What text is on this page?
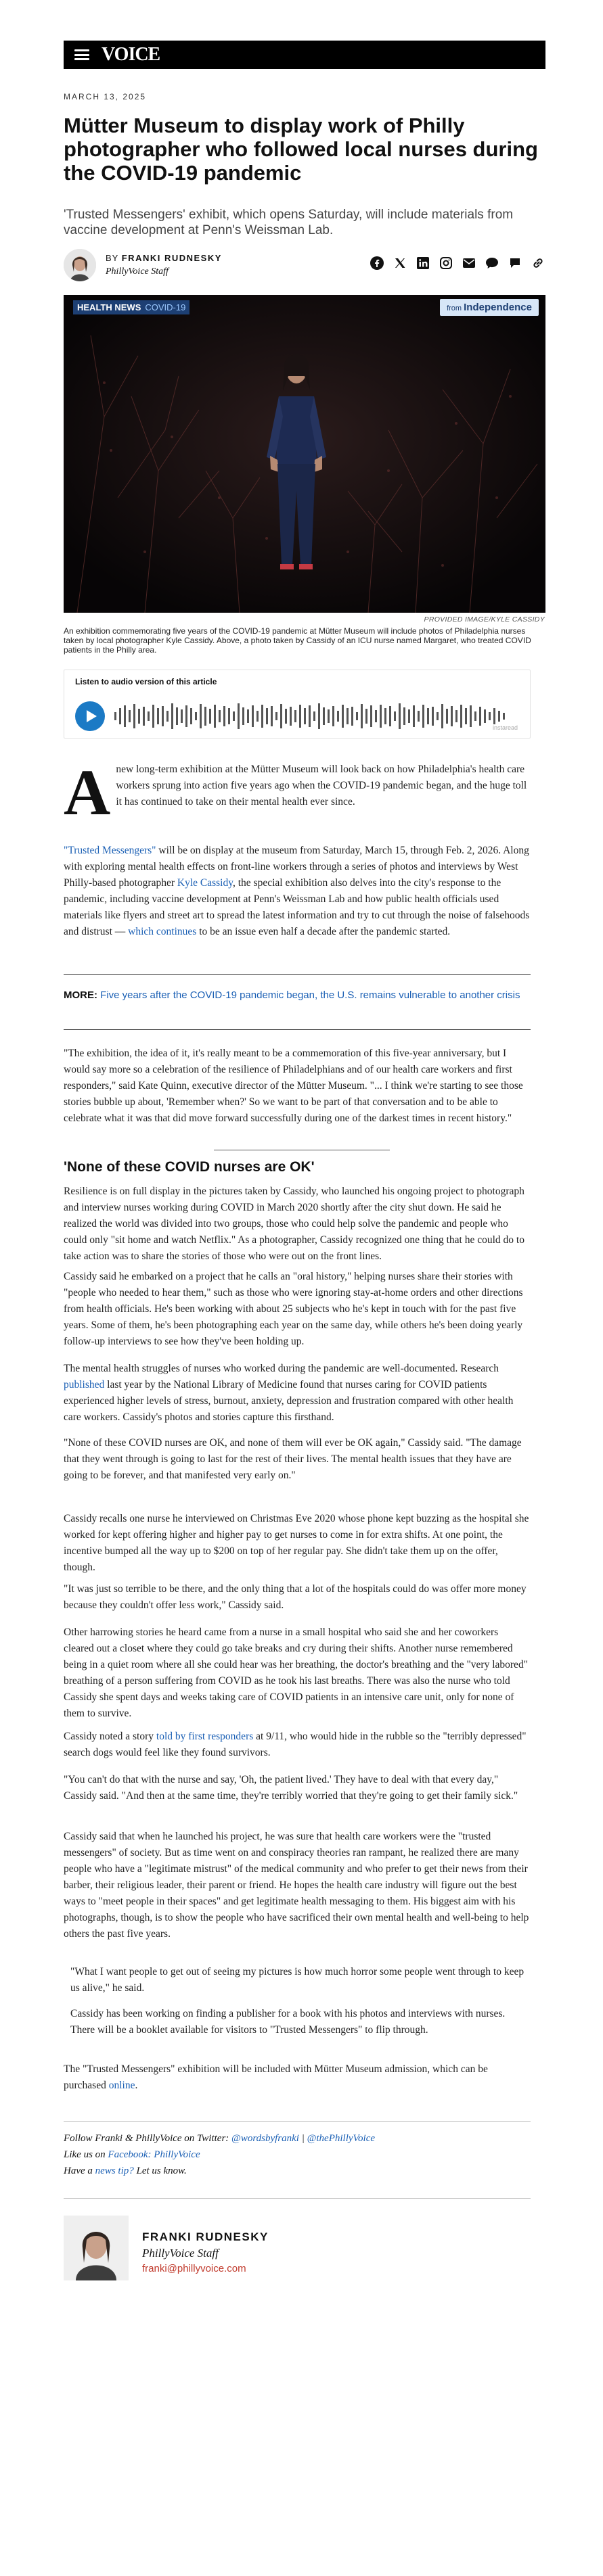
VOICE
MARCH 13, 2025
Mütter Museum to display work of Philly photographer who followed local nurses during the COVID-19 pandemic

'Trusted Messengers' exhibit, which opens Saturday, will include materials from vaccine development at Penn's Weissman Lab.

BY FRANKI RUDNESKY
PhillyVoice Staff
HEALTH NEWS COVID-19	from Independence
PROVIDED IMAGE/KYLE CASSIDY

An exhibition commemorating five years of the COVID-19 pandemic at Mütter Museum will include photos of Philadelphia nurses taken by local photographer Kyle Cassidy. Above, a photo taken by Cassidy of an ICU nurse named Margaret, who treated COVID patients in the Philly area.

Listen to audio version of this article
instaread
Anew long-term exhibition at the Mütter Museum will look back on how Philadelphia's health care workers sprung into action five years ago when the COVID-19 pandemic began, and the huge toll it has continued to take on their mental health ever since.
"Trusted Messengers" will be on display at the museum from Saturday, March 15, through Feb. 2, 2026. Along with exploring mental health effects on front-line workers through a series of photos and interviews by West Philly-based photographer Kyle Cassidy, the special exhibition also delves into the city's response to the pandemic, including vaccine development at Penn's Weissman Lab and how public health officials used materials like flyers and street art to spread the latest information and try to cut through the noise of falsehoods and distrust — which continues to be an issue even half a decade after the pandemic started.
MORE: Five years after the COVID-19 pandemic began, the U.S. remains vulnerable to another crisis
"The exhibition, the idea of it, it's really meant to be a commemoration of this five-year anniversary, but I would say more so a celebration of the resilience of Philadelphians and of our health care workers and first responders," said Kate Quinn, executive director of the Mütter Museum. "... I think we're starting to see those stories bubble up about, 'Remember when?' So we want to be part of that conversation and to be able to celebrate what it was that did move forward successfully during one of the darkest times in recent history."
'None of these COVID nurses are OK'
Resilience is on full display in the pictures taken by Cassidy, who launched his ongoing project to photograph and interview nurses working during COVID in March 2020 shortly after the city shut down. He said he realized the world was divided into two groups, those who could help solve the pandemic and people who could only "sit home and watch Netflix." As a photographer, Cassidy recognized one thing that he could do to take action was to share the stories of those who were out on the front lines.
Cassidy said he embarked on a project that he calls an "oral history," helping nurses share their stories with "people who needed to hear them," such as those who were ignoring stay-at-home orders and other directions from health officials. He's been working with about 25 subjects who he's kept in touch with for the past five years. Some of them, he's been photographing each year on the same day, while others he's been doing yearly follow-up interviews to see how they've been holding up.
The mental health struggles of nurses who worked during the pandemic are well-documented. Research published last year by the National Library of Medicine found that nurses caring for COVID patients experienced higher levels of stress, burnout, anxiety, depression and frustration compared with other health care workers. Cassidy's photos and stories capture this firsthand.
"None of these COVID nurses are OK, and none of them will ever be OK again," Cassidy said. "The damage that they went through is going to last for the rest of their lives. The mental health issues that they have are going to be forever, and that manifested very early on."
Cassidy recalls one nurse he interviewed on Christmas Eve 2020 whose phone kept buzzing as the hospital she worked for kept offering higher and higher pay to get nurses to come in for extra shifts. At one point, the incentive bumped all the way up to $200 on top of her regular pay. She didn't take them up on the offer, though.
"It was just so terrible to be there, and the only thing that a lot of the hospitals could do was offer more money because they couldn't offer less work," Cassidy said.
Other harrowing stories he heard came from a nurse in a small hospital who said she and her coworkers cleared out a closet where they could go take breaks and cry during their shifts. Another nurse remembered being in a quiet room where all she could hear was her breathing, the doctor's breathing and the "very labored" breathing of a person suffering from COVID as he took his last breaths. There was also the nurse who told Cassidy she spent days and weeks taking care of COVID patients in an intensive care unit, only for none of them to survive.
Cassidy noted a story told by first responders at 9/11, who would hide in the rubble so the "terribly depressed" search dogs would feel like they found survivors.
"You can't do that with the nurse and say, 'Oh, the patient lived.' They have to deal with that every day," Cassidy said. "And then at the same time, they're terribly worried that they're going to get their family sick."
Cassidy said that when he launched his project, he was sure that health care workers were the "trusted messengers" of society. But as time went on and conspiracy theories ran rampant, he realized there are many people who have a "legitimate mistrust" of the medical community and who prefer to get their news from their barber, their religious leader, their parent or friend. He hopes the health care industry will figure out the best ways to "meet people in their spaces" and get legitimate health messaging to them. His biggest aim with his photographs, though, is to show the people who have sacrificed their own mental health and well-being to help others the past five years.
"What I want people to get out of seeing my pictures is how much horror some people went through to keep us alive," he said.
Cassidy has been working on finding a publisher for a book with his photos and interviews with nurses. There will be a booklet available for visitors to "Trusted Messengers" to flip through.
The "Trusted Messengers" exhibition will be included with Mütter Museum admission, which can be purchased online.
Follow Franki & PhillyVoice on Twitter: @wordsbyfranki | @thePhillyVoice
Like us on Facebook: PhillyVoice
Have a news tip? Let us know.
FRANKI RUDNESKY
PhillyVoice Staff
franki@phillyvoice.com
